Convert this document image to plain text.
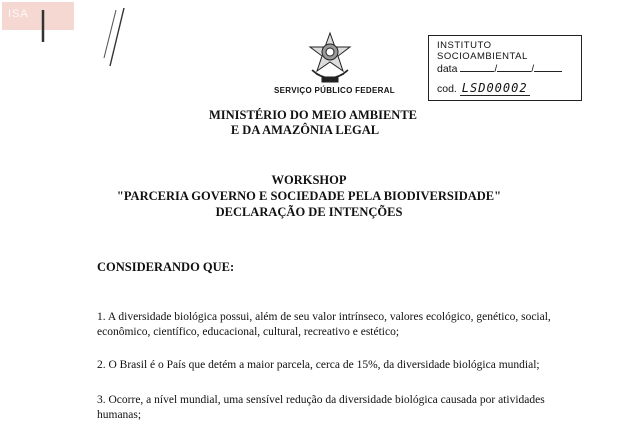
ISA
SERVIÇO PÚBLICO FEDERAL
INSTITUTO SOCIOAMBIENTAL
data	/	/
cod. LSD00002
MINISTÉRIO DO MEIO AMBIENTE
E DA AMAZÔNIA LEGAL
WORKSHOP
"PARCERIA GOVERNO E SOCIEDADE PELA BIODIVERSIDADE"
DECLARAÇÃO DE INTENÇÕES
CONSIDERANDO QUE:
1. A diversidade biológica possui, além de seu valor intrínseco, valores ecológico, genético, social, econômico, científico, educacional, cultural, recreativo e estético;
2. O Brasil é o País que detém a maior parcela, cerca de 15%, da diversidade biológica mundial;
3. Ocorre, a nível mundial, uma sensível redução da diversidade biológica causada por atividades humanas;
